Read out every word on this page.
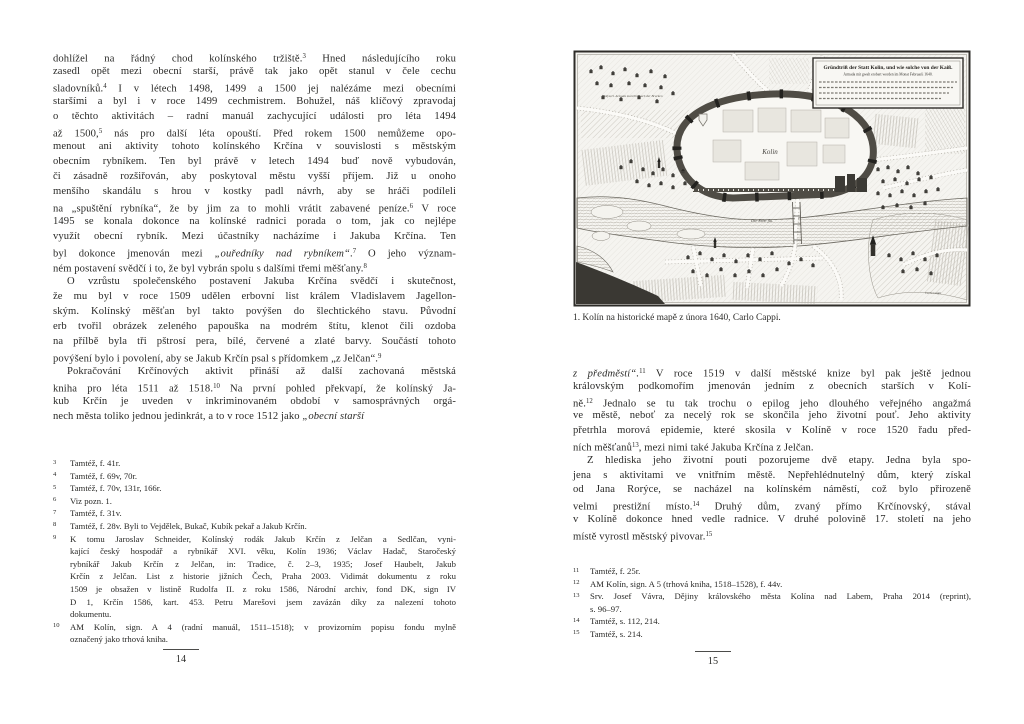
dohlížel na řádný chod kolínského tržiště.$^3$ Hned následujícího roku
zasedl opět mezi obecní starší, právě tak jako opět stanul v čele cechu
sladovníků.$^4$ I v létech 1498, 1499 a 1500 jej nalézáme mezi obecními
staršími a byl i v roce 1499 cechmistrem. Bohužel, náš klíčový zpravodaj
o těchto aktivitách – radní manuál zachycující události pro léta 1494
až 1500,$^5$ nás pro další léta opouští. Před rokem 1500 nemůžeme opo-
menout ani aktivity tohoto kolínského Krčína v souvislosti s městským
obecním rybníkem. Ten byl právě v letech 1494 buď nově vybudován,
či zásadně rozšiřován, aby poskytoval městu vyšší příjem. Již u onoho
menšího skandálu s hrou v kostky padl návrh, aby se hráči podíleli
na „spuštění rybníka“, že by jim za to mohli vrátit zabavené peníze.$^6$ V roce
1495 se konala dokonce na kolínské radnici porada o tom, jak co nejlépe
využít obecní rybník. Mezi účastníky nacházíme i Jakuba Krčína. Ten
byl dokonce jmenován mezi „ouředníky nad rybníkem“.$^7$ O jeho význam-
ném postavení svědčí i to, že byl vybrán spolu s dalšími třemi měšťany.$^8$
O vzrůstu společenského postavení Jakuba Krčína svědčí i skutečnost,
že mu byl v roce 1509 udělen erbovní list králem Vladislavem Jagellon-
ským. Kolínský měšťan byl takto povýšen do šlechtického stavu. Původní
erb tvořil obrázek zeleného papouška na modrém štítu, klenot čili ozdoba
na přílbě byla tři pštrosí pera, bílé, červené a zlaté barvy. Součástí tohoto
povýšení bylo i povolení, aby se Jakub Krčín psal s přídomkem „z Jelčan“.$^9$
Pokračování Krčínových aktivit přináší až další zachovaná městská
kniha pro léta 1511 až 1518.10 Na první pohled překvapí, že kolínský Ja-
kub Krčín je uveden v inkriminovaném období v samosprávných orgá-
nech města toliko jednou jedinkrát, a to v roce 1512 jako „obecní starší
3	Tamtéž, f. 41r.
4	Tamtéž, f. 69v, 70r.
5	Tamtéž, f. 70v, 131r, 166r.
6	Viz pozn. 1.
7	Tamtéž, f. 31v.
8	Tamtéž, f. 28v. Byli to Vejdělek, Bukač, Kubík pekař a Jakub Krčín.
9	K tomu Jaroslav Schneider, Kolínský rodák Jakub Krčín z Jelčan a Sedlčan, vyni-
kající český hospodář a rybníkář XVI. věku, Kolín 1936; Václav Hadač, Staročeský
rybníkář Jakub Krčín z Jelčan, in: Tradice, č. 2–3, 1935; Josef Haubelt, Jakub
Krčín z Jelčan. List z historie jižních Čech, Praha 2003. Vidimát dokumentu z roku
1509 je obsažen v listině Rudolfa II. z roku 1586, Národní archiv, fond DK, sign IV
D 1, Krčín 1586, kart. 453. Petru Marešovi jsem zavázán díky za nalezení tohoto
dokumentu.
10	AM Kolín, sign. A 4 (radní manuál, 1511–1518); v provizorním popisu fondu mylně
označený jako trhová kniha.
14
Kolin
Gründtriß der Statt Kolin, und wie solche von der Kaiß.
Armada mit gwalt erobert worden im Monat Februarii 1640.
Die Elbe flu.
Käyserl. Armada marchirt nach der Brucken
Carlo Cappi
1. Kolín na historické mapě z února 1640, Carlo Cappi.
z předměstí“.$^{11}$ V roce 1519 v další městské knize byl pak ještě jednou
královským podkomořím jmenován jedním z obecních starších v Kolí-
ně.$^{12}$ Jednalo se tu tak trochu o epilog jeho dlouhého veřejného angažmá
ve městě, neboť za necelý rok se skončila jeho životní pouť. Jeho aktivity
přetrhla morová epidemie, které skosila v Kolíně v roce 1520 řadu před-
ních měšťanů$^{13}$, mezi nimi také Jakuba Krčína z Jelčan.
Z hlediska jeho životní pouti pozorujeme dvě etapy. Jedna byla spo-
jena s aktivitami ve vnitřním městě. Nepřehlédnutelný dům, který získal
od Jana Rorýce, se nacházel na kolínském náměstí, což bylo přirozeně
velmi prestižní místo.$^{14}$ Druhý dům, zvaný přímo Krčínovský, stával
v Kolíně dokonce hned vedle radnice. V druhé polovině 17. století na jeho
místě vyrostl městský pivovar.$^{15}$
11	Tamtéž, f. 25r.
12	AM Kolín, sign. A 5 (trhová kniha, 1518–1528), f. 44v.
13	Srv. Josef Vávra, Dějiny královského města Kolína nad Labem, Praha 2014 (reprint),
s. 96–97.
14	Tamtéž, s. 112, 214.
15	Tamtéž, s. 214.
15
